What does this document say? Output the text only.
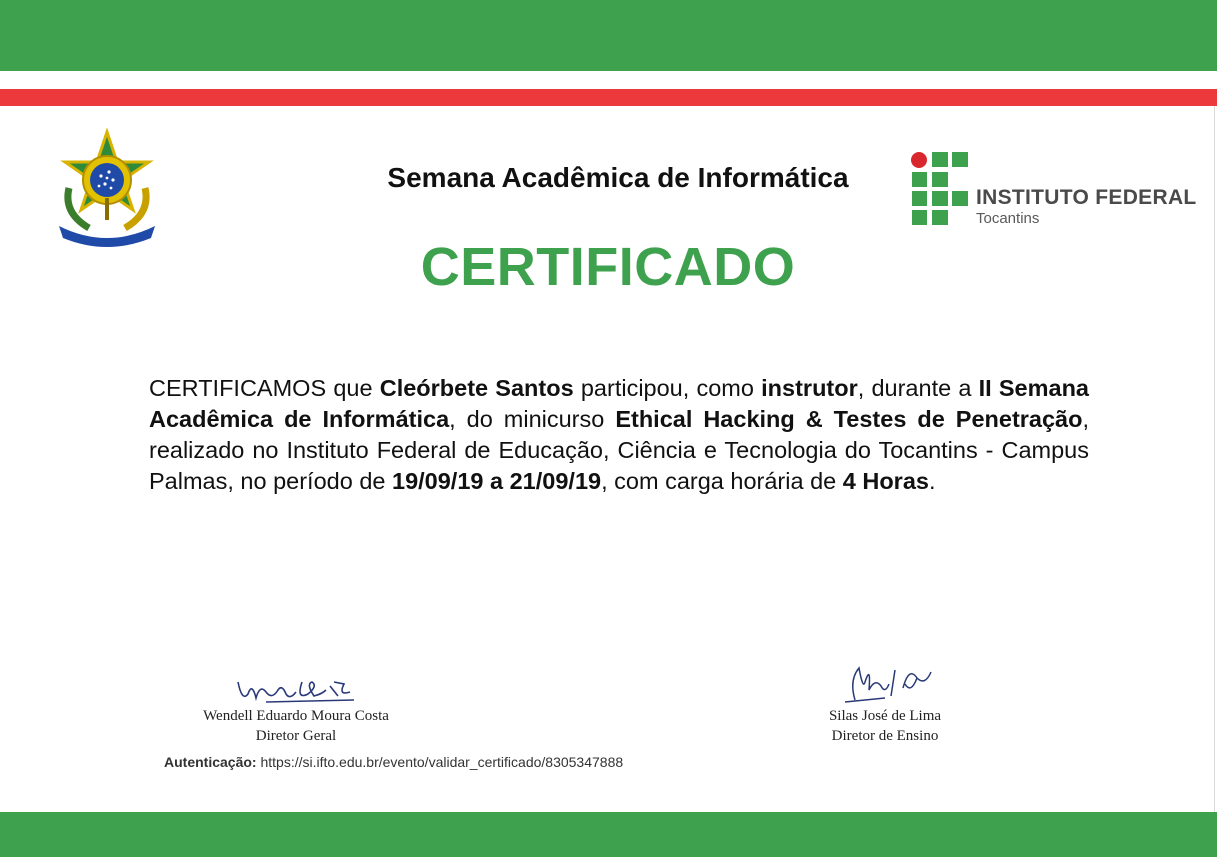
Semana Acadêmica de Informática
CERTIFICADO
INSTITUTO FEDERAL
Tocantins
CERTIFICAMOS que Cleórbete Santos participou, como instrutor, durante a II Semana Acadêmica de Informática, do minicurso Ethical Hacking & Testes de Penetração, realizado no Instituto Federal de Educação, Ciência e Tecnologia do Tocantins - Campus Palmas, no período de 19/09/19 a 21/09/19, com carga horária de 4 Horas.
Wendell Eduardo Moura Costa
Diretor Geral
Silas José de Lima
Diretor de Ensino
Autenticação: https://si.ifto.edu.br/evento/validar_certificado/8305347888
